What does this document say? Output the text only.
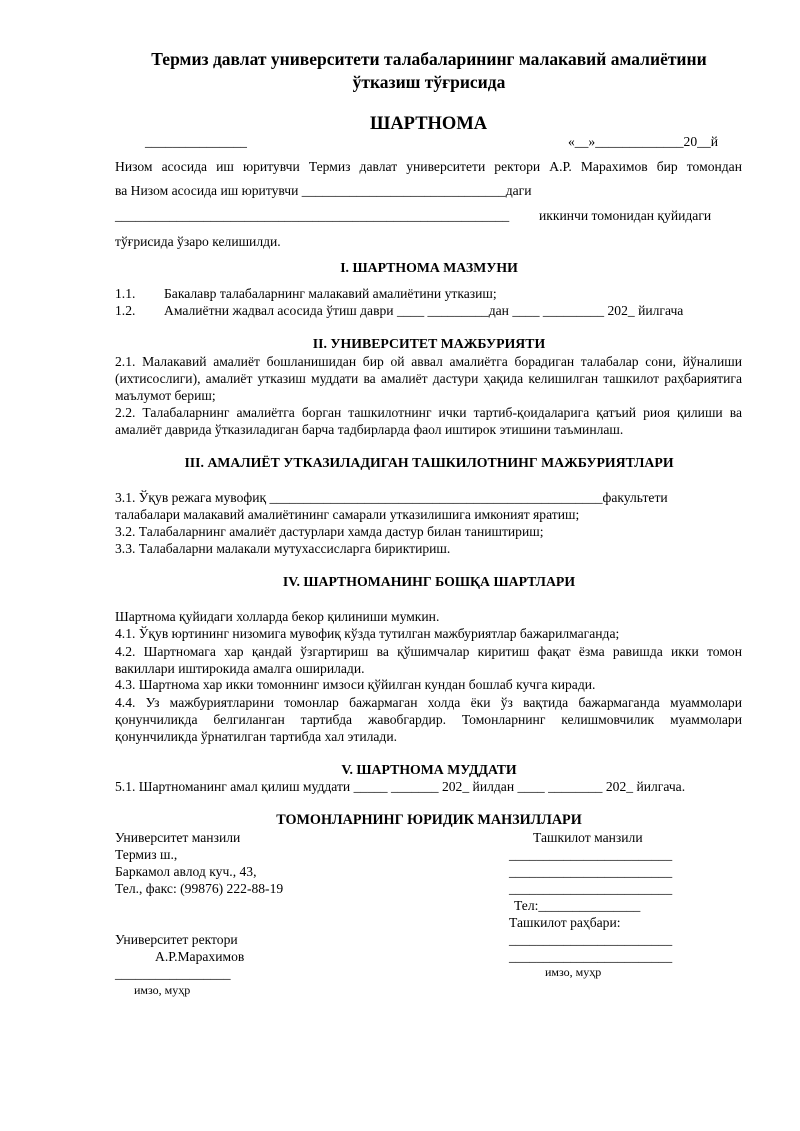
Термиз давлат университети талабаларининг малакавий амалиётини
ўтказиш тўғрисида
ШАРТНОМА
_______________	«__»_____________20__й
Низом асосида иш юритувчи Термиз давлат университети ректори А.Р. Марахимов бир томондан
ва Низом асосида иш юритувчи ______________________________даги
__________________________________________________________ иккинчи томонидан қуйидаги
тўғрисида ўзаро келишилди.
I. ШАРТНОМА МАЗМУНИ
1.1. Бакалавр талабаларнинг малакавий амалиётини утказиш;
1.2. Амалиётни жадвал асосида ўтиш даври ____ _________дан ____ _________ 202_ йилгача
II. УНИВЕРСИТЕТ МАЖБУРИЯТИ
2.1. Малакавий амалиёт бошланишидан бир ой аввал амалиётга борадиган талабалар сони, йўналиши (ихтисослиги), амалиёт утказиш муддати ва амалиёт дастури ҳақида келишилган ташкилот раҳбариятига маълумот бериш;
2.2. Талабаларнинг амалиётга борган ташкилотнинг ички тартиб-қоидаларига қатъий риоя қилиши ва амалиёт даврида ўтказиладиган барча тадбирларда фаол иштирок этишини таъминлаш.
III. АМАЛИЁТ УТКАЗИЛАДИГАН ТАШКИЛОТНИНГ МАЖБУРИЯТЛАРИ
3.1. Ўқув режага мувофиқ _________________________________________________факультети
талабалари малакавий амалиётининг самарали утказилишига имконият яратиш;
3.2. Талабаларнинг амалиёт дастурлари хамда дастур билан таништириш;
3.3. Талабаларни малакали мутухассисларга бириктириш.
IV. ШАРТНОМАНИНГ БОШҚА ШАРТЛАРИ
Шартнома қуйидаги холларда бекор қилиниши мумкин.
4.1. Ўқув юртининг низомига мувофиқ кўзда тутилган мажбуриятлар бажарилмаганда;
4.2. Шартномага хар қандай ўзгартириш ва қўшимчалар киритиш фақат ёзма равишда икки томон вакиллари иштирокида амалга оширилади.
4.3. Шартнома хар икки томоннинг имзоси қўйилган кундан бошлаб кучга киради.
4.4. Уз мажбуриятларини томонлар бажармаган холда ёки ўз вақтида бажармаганда муаммолари қонунчиликда белгиланган тартибда жавобгардир. Томонларнинг келишмовчилик муаммолари қонунчиликда ўрнатилган тартибда хал этилади.
V. ШАРТНОМА МУДДАТИ
5.1. Шартноманинг амал қилиш муддати _____ _______ 202_ йилдан ____ ________ 202_ йилгача.
ТОМОНЛАРНИНГ ЮРИДИК МАНЗИЛЛАРИ
Университет манзили
Термиз ш.,
Баркамол авлод куч., 43,
Тел., факс: (99876) 222-88-19
Университет ректори
А.Р.Марахимов
_________________
имзо, муҳр
Ташкилот манзили
________________________
________________________
________________________
Тел:_______________
Ташкилот раҳбари:
________________________
________________________
имзо, муҳр
